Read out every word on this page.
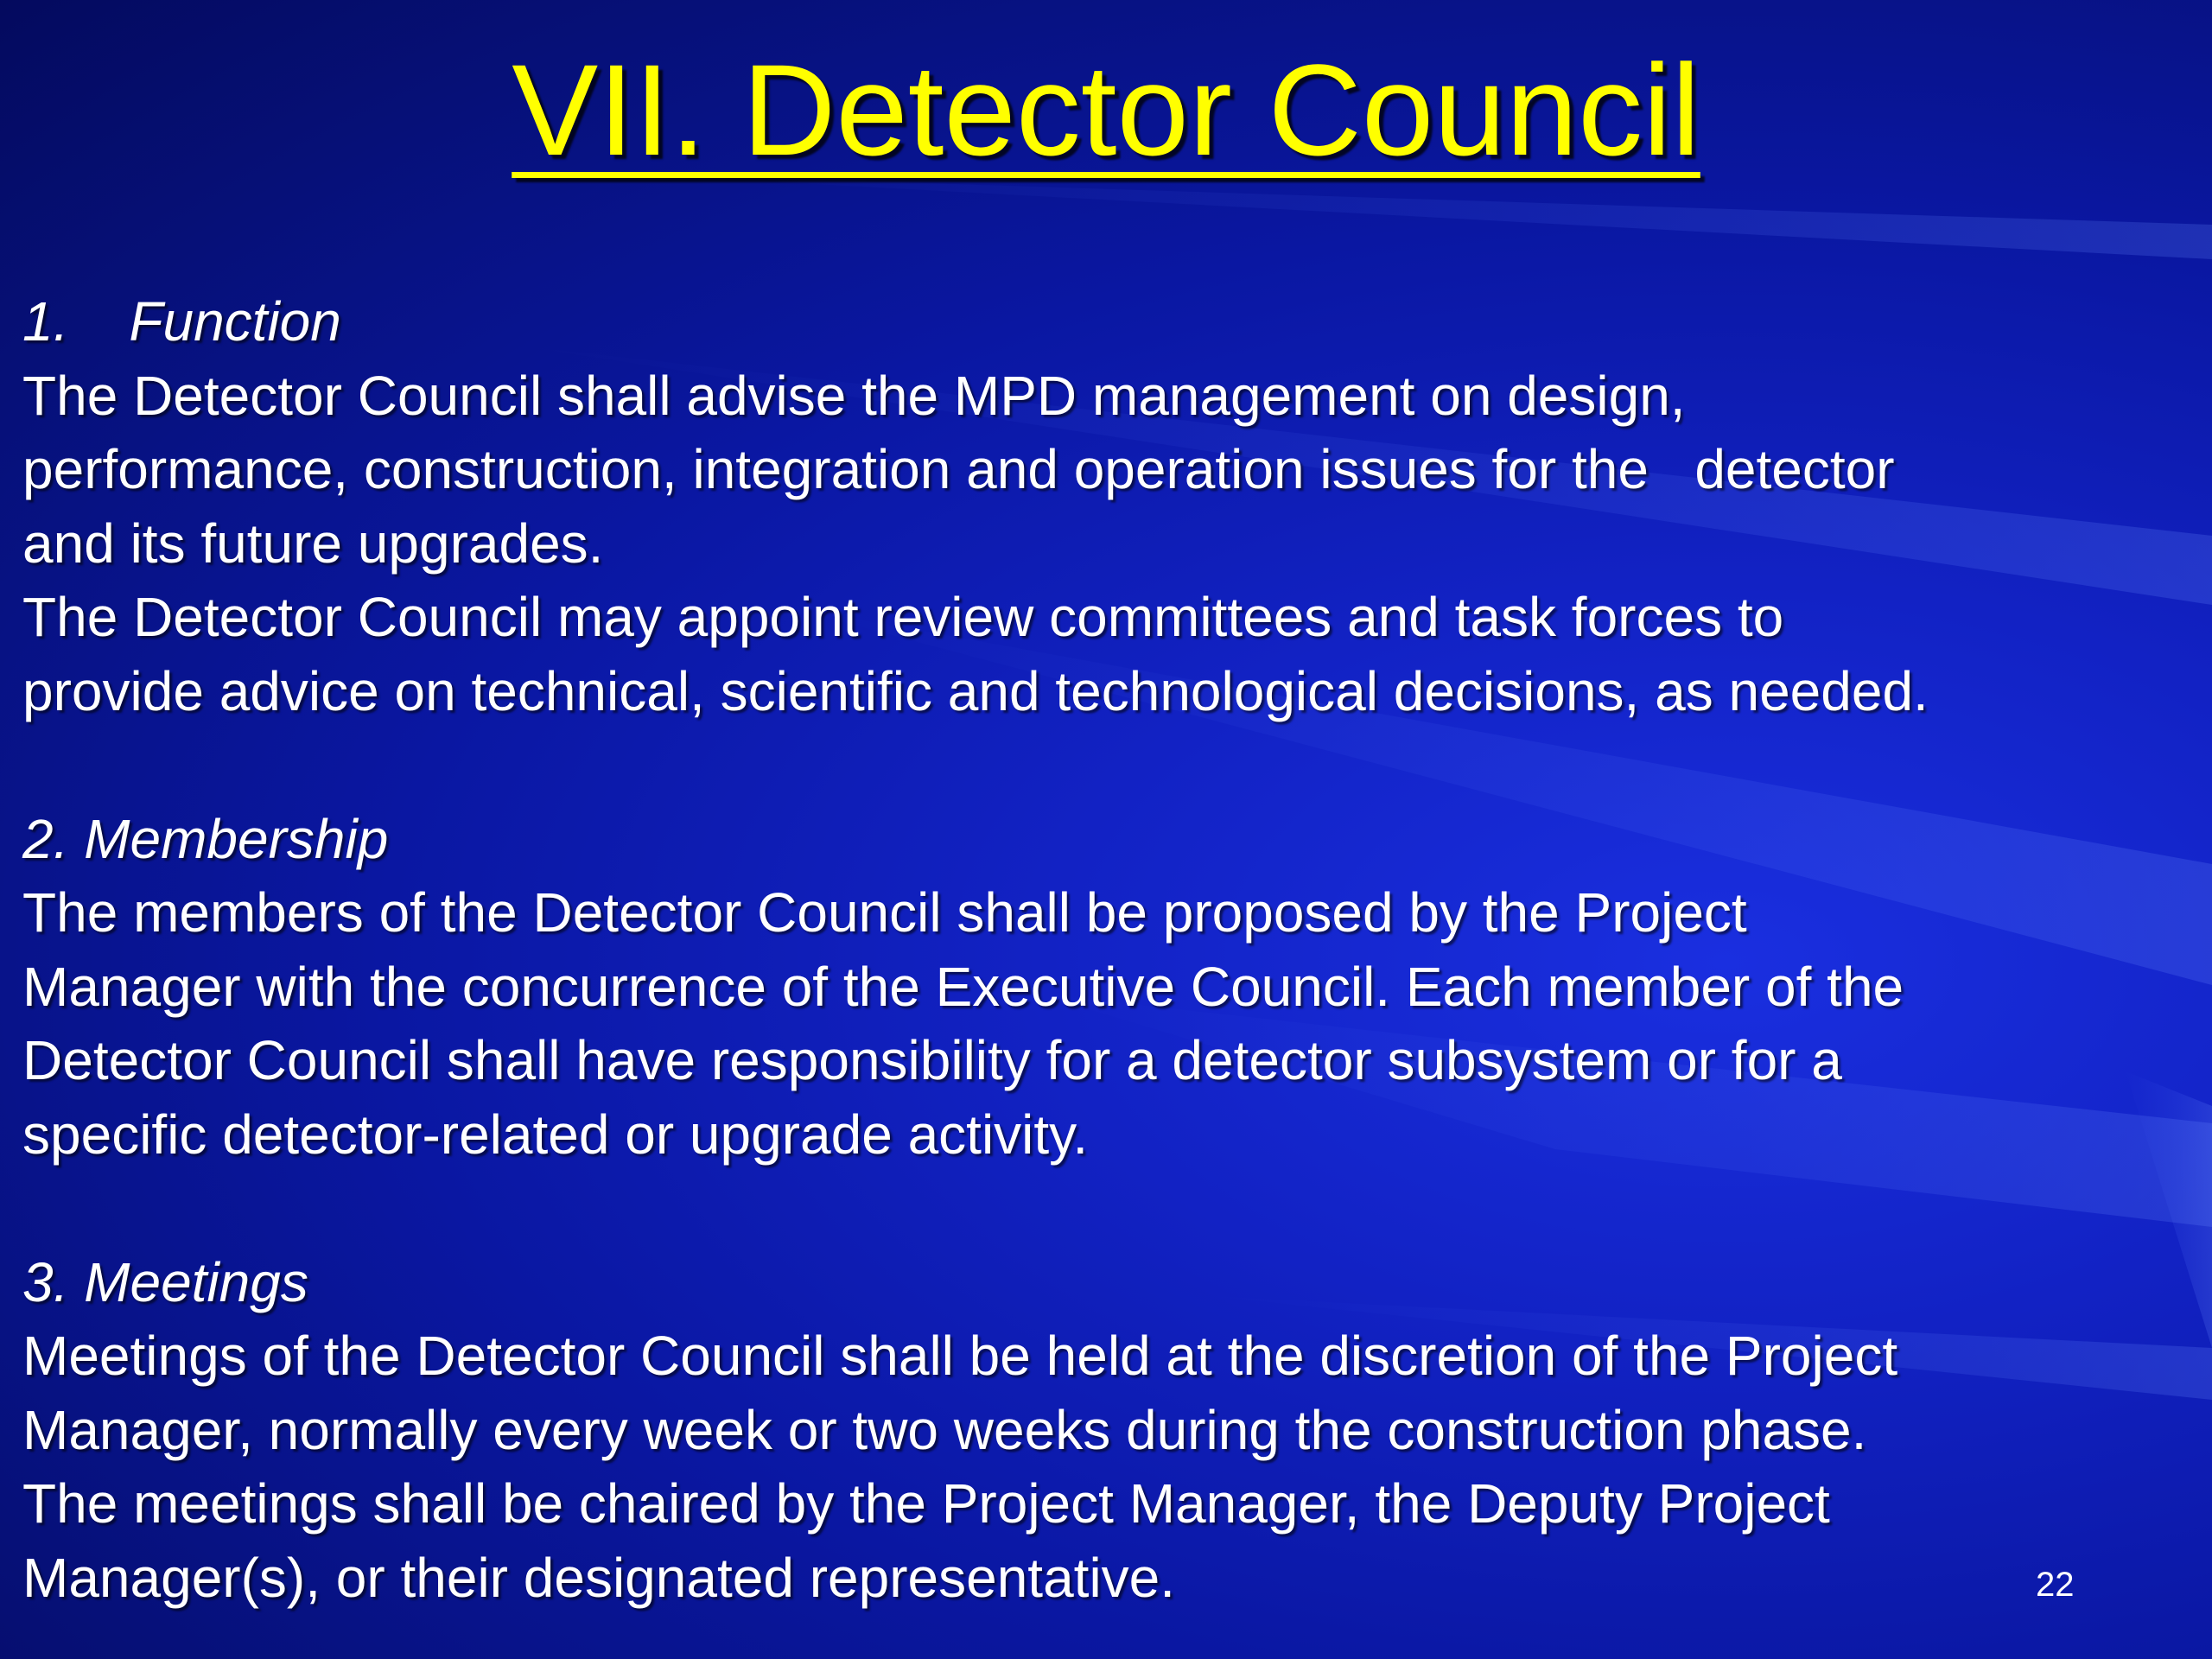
VII. Detector Council
1. Function
The Detector Council shall advise the MPD management on design,
performance, construction, integration and operation issues for the   detector
and its future upgrades.
The Detector Council may appoint review committees and task forces to
provide advice on technical, scientific and technological decisions, as needed.
2. Membership
The members of the Detector Council shall be proposed by the Project
Manager with the concurrence of the Executive Council. Each member of the
Detector Council shall have responsibility for a detector subsystem or for a
specific detector-related or upgrade activity.
3. Meetings
Meetings of the Detector Council shall be held at the discretion of the Project
Manager, normally every week or two weeks during the construction phase.
The meetings shall be chaired by the Project Manager, the Deputy Project
Manager(s), or their designated representative.	22
